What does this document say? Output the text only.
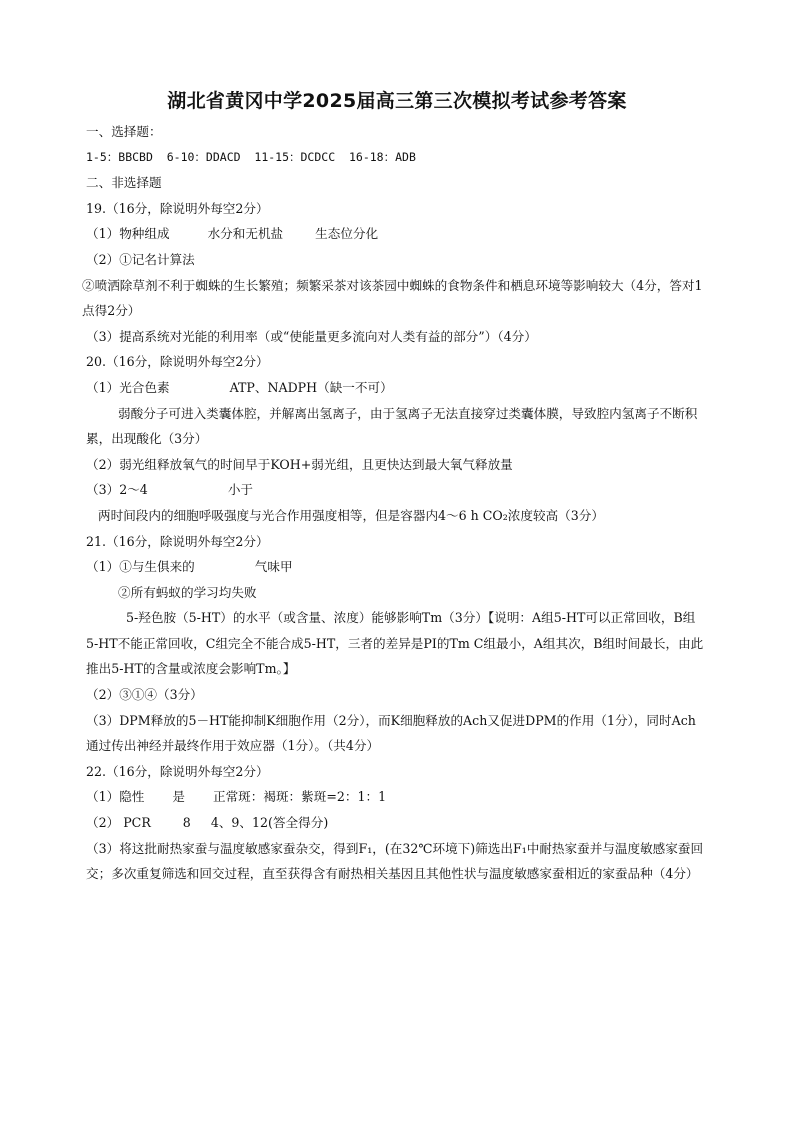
湖北省黄冈中学2025届高三第三次模拟考试参考答案
一、选择题：
1-5：BBCBD  6-10：DDACD  11-15：DCDCC  16-18：ADB
二、非选择题
19.（16分，除说明外每空2分）
（1）物种组成	水分和无机盐	生态位分化
（2）①记名计算法
②喷洒除草剂不利于蜘蛛的生长繁殖；频繁采茶对该茶园中蜘蛛的食物条件和栖息环境等影响较大（4分，答对1点得2分）
（3）提高系统对光能的利用率（或“使能量更多流向对人类有益的部分”）（4分）
20.（16分，除说明外每空2分）
（1）光合色素	ATP、NADPH（缺一不可）
弱酸分子可进入类囊体腔，并解离出氢离子，由于氢离子无法直接穿过类囊体膜，导致腔内氢离子不断积累，出现酸化（3分）
（2）弱光组释放氧气的时间早于KOH+弱光组，且更快达到最大氧气释放量
（3）2～4	小于
两时间段内的细胞呼吸强度与光合作用强度相等，但是容器内4～6 h CO₂浓度较高（3分）
21.（16分，除说明外每空2分）
（1）①与生俱来的	气味甲
②所有蚂蚁的学习均失败
5-羟色胺（5-HT）的水平（或含量、浓度）能够影响Tm（3分）【说明：A组5-HT可以正常回收，B组5-HT不能正常回收，C组完全不能合成5-HT，三者的差异是PI的Tm C组最小，A组其次，B组时间最长，由此推出5-HT的含量或浓度会影响Tm。】
（2）③①④（3分）
（3）DPM释放的5－HT能抑制K细胞作用（2分），而K细胞释放的Ach又促进DPM的作用（1分），同时Ach通过传出神经并最终作用于效应器（1分）。（共4分）
22.（16分，除说明外每空2分）
（1）隐性 是 正常斑：褐斑：紫斑=2：1：1
（2） PCR	8 4、9、12(答全得分)
（3）将这批耐热家蚕与温度敏感家蚕杂交，得到F₁，(在32℃环境下)筛选出F₁中耐热家蚕并与温度敏感家蚕回交；多次重复筛选和回交过程，直至获得含有耐热相关基因且其他性状与温度敏感家蚕相近的家蚕品种（4分）
